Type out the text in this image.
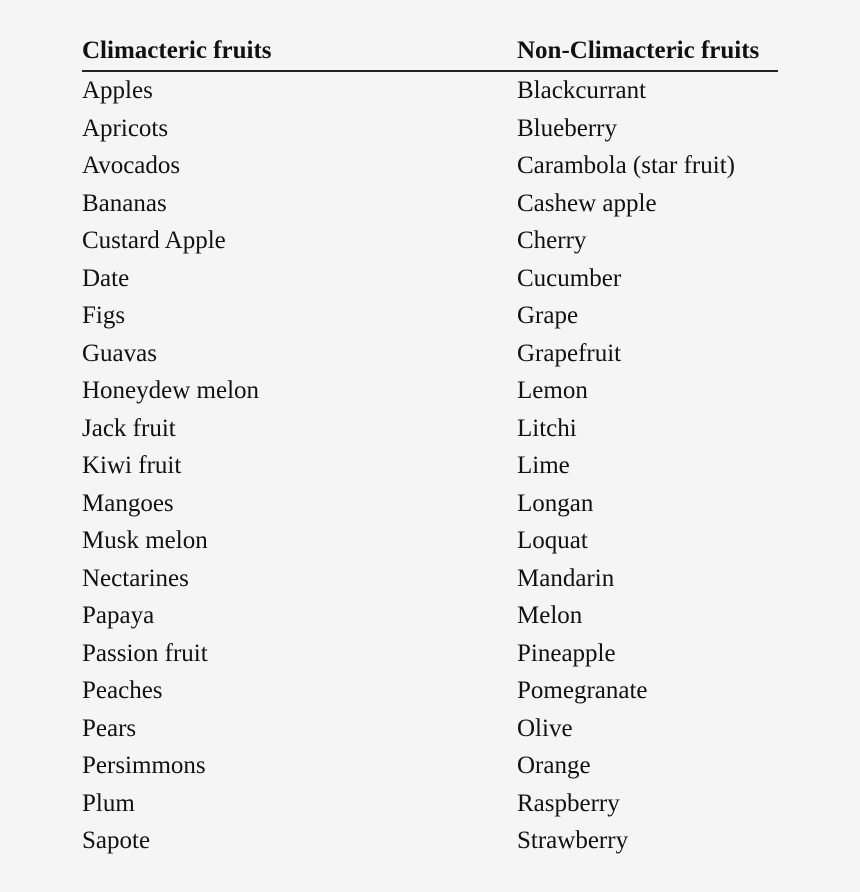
Climacteric fruits	Non-Climacteric fruits
Apples	Blackcurrant
Apricots	Blueberry
Avocados	Carambola (star fruit)
Bananas	Cashew apple
Custard Apple	Cherry
Date	Cucumber
Figs	Grape
Guavas	Grapefruit
Honeydew melon	Lemon
Jack fruit	Litchi
Kiwi fruit	Lime
Mangoes	Longan
Musk melon	Loquat
Nectarines	Mandarin
Papaya	Melon
Passion fruit	Pineapple
Peaches	Pomegranate
Pears	Olive
Persimmons	Orange
Plum	Raspberry
Sapote	Strawberry
